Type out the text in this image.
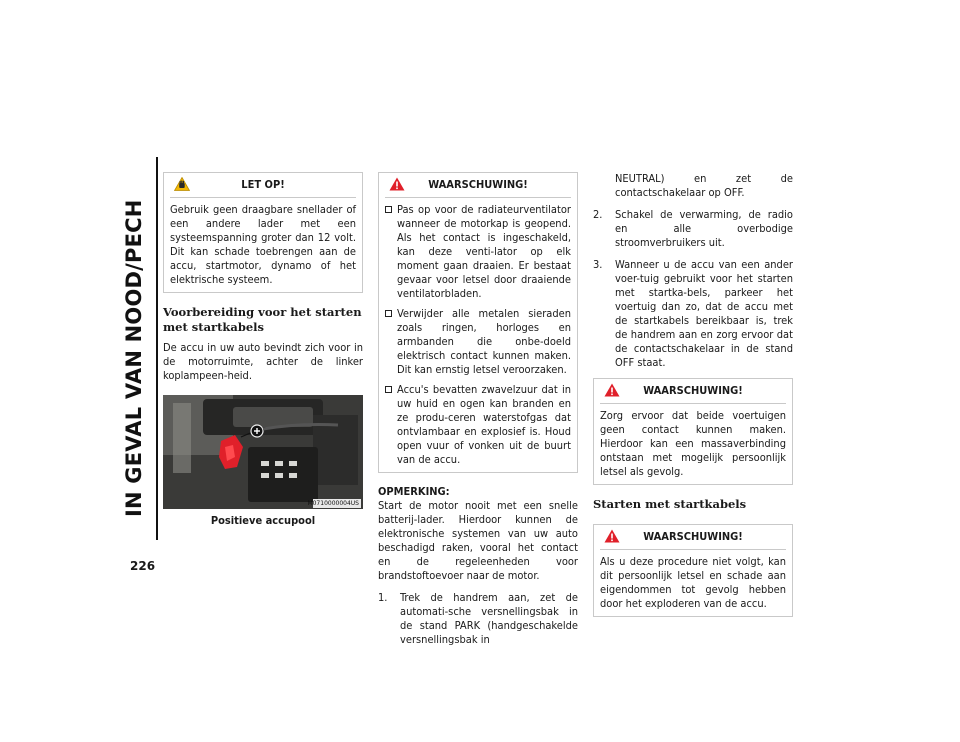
IN GEVAL VAN NOOD/PECH
226
LET OP!
Gebruik geen draagbare snellader of een andere lader met een systeemspanning groter dan 12 volt. Dit kan schade toebrengen aan de accu, startmotor, dynamo of het elektrische systeem.
Voorbereiding voor het starten met startkabels

De accu in uw auto bevindt zich voor in de motorruimte, achter de linker koplampeen-heid.

M0710000004US
Positieve accupool
WAARSCHUWING!
Pas op voor de radiateurventilator wanneer de motorkap is geopend. Als het contact is ingeschakeld, kan deze venti-lator op elk moment gaan draaien. Er bestaat gevaar voor letsel door draaiende ventilatorbladen.
Verwijder alle metalen sieraden zoals ringen, horloges en armbanden die onbe-doeld elektrisch contact kunnen maken. Dit kan ernstig letsel veroorzaken.
Accu's bevatten zwavelzuur dat in uw huid en ogen kan branden en ze produ-ceren waterstofgas dat ontvlambaar en explosief is. Houd open vuur of vonken uit de buurt van de accu.
OPMERKING:

Start de motor nooit met een snelle batterij-lader. Hierdoor kunnen de elektronische systemen van uw auto beschadigd raken, vooral het contact en de regeleenheden voor brandstoftoevoer naar de motor.

1. Trek de handrem aan, zet de automati-sche versnellingsbak in de stand PARK (handgeschakelde versnellingsbak in
NEUTRAL) en zet de contactschakelaar op OFF.
2. Schakel de verwarming, de radio en alle overbodige stroomverbruikers uit.
3. Wanneer u de accu van een ander voer-tuig gebruikt voor het starten met startka-bels, parkeer het voertuig dan zo, dat de accu met de startkabels bereikbaar is, trek de handrem aan en zorg ervoor dat de contactschakelaar in de stand OFF staat.
WAARSCHUWING!
Zorg ervoor dat beide voertuigen geen contact kunnen maken. Hierdoor kan een massaverbinding ontstaan met mogelijk persoonlijk letsel als gevolg.
Starten met startkabels
WAARSCHUWING!
Als u deze procedure niet volgt, kan dit persoonlijk letsel en schade aan eigendommen tot gevolg hebben door het exploderen van de accu.
